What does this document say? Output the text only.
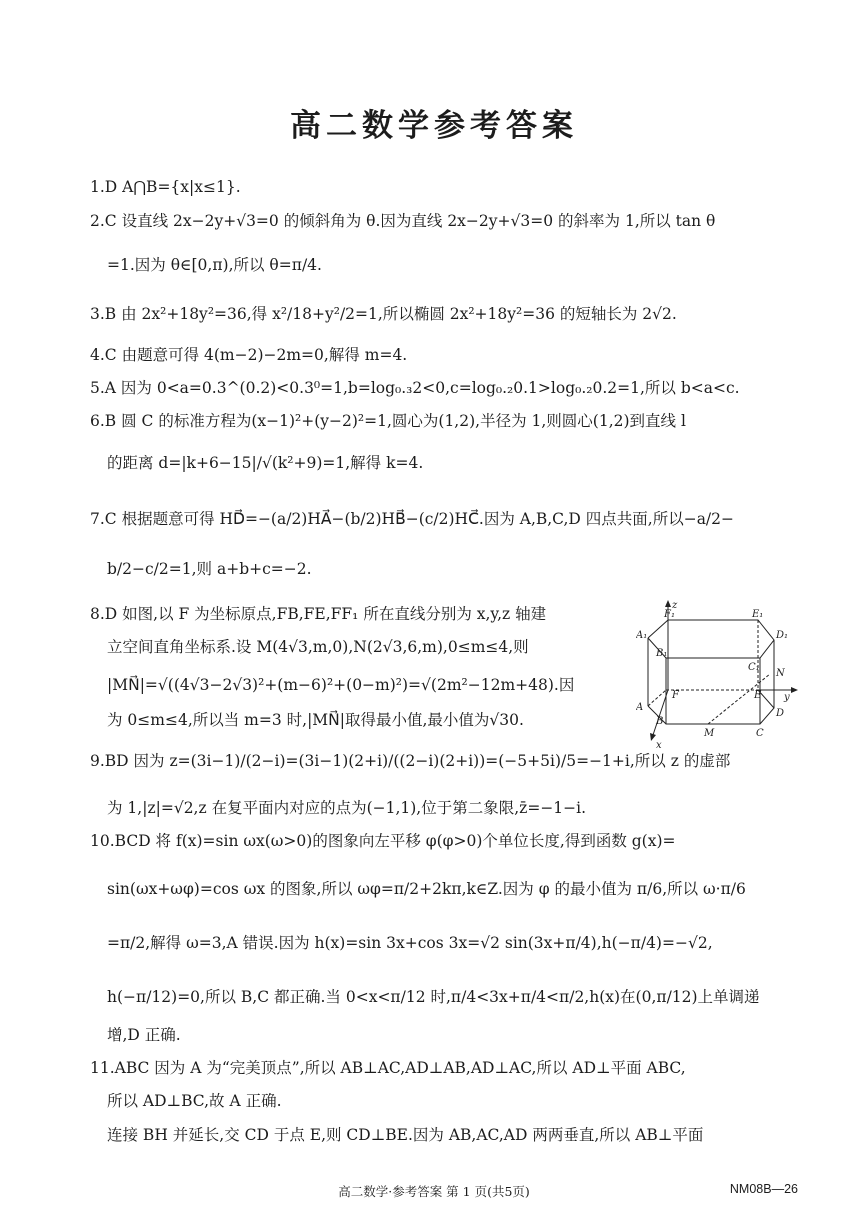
高二数学参考答案
1.D A⋂B={x|x≤1}.
2.C 设直线 2x−2y+√3=0 的倾斜角为 θ.因为直线 2x−2y+√3=0 的斜率为 1,所以 tan θ
=1.因为 θ∈[0,π),所以 θ=π/4.
3.B 由 2x²+18y²=36,得 x²/18+y²/2=1,所以椭圆 2x²+18y²=36 的短轴长为 2√2.
4.C 由题意可得 4(m−2)−2m=0,解得 m=4.
5.A 因为 0<a=0.3^(0.2)<0.3⁰=1,b=log₀.₃2<0,c=log₀.₂0.1>log₀.₂0.2=1,所以 b<a<c.
6.B 圆 C 的标准方程为(x−1)²+(y−2)²=1,圆心为(1,2),半径为 1,则圆心(1,2)到直线 l
的距离 d=|k+6−15|/√(k²+9)=1,解得 k=4.
7.C 根据题意可得 HD⃗=−(a/2)HA⃗−(b/2)HB⃗−(c/2)HC⃗.因为 A,B,C,D 四点共面,所以−a/2−
b/2−c/2=1,则 a+b+c=−2.
8.D 如图,以 F 为坐标原点,FB,FE,FF₁ 所在直线分别为 x,y,z 轴建
立空间直角坐标系.设 M(4√3,m,0),N(2√3,6,m),0≤m≤4,则
|MN⃗|=√((4√3−2√3)²+(m−6)²+(0−m)²)=√(2m²−12m+48).因
为 0≤m≤4,所以当 m=3 时,|MN⃗|取得最小值,最小值为√30.
9.BD 因为 z=(3i−1)/(2−i)=(3i−1)(2+i)/((2−i)(2+i))=(−5+5i)/5=−1+i,所以 z 的虚部
为 1,|z|=√2,z 在复平面内对应的点为(−1,1),位于第二象限,z̄=−1−i.
10.BCD 将 f(x)=sin ωx(ω>0)的图象向左平移 φ(φ>0)个单位长度,得到函数 g(x)=
sin(ωx+ωφ)=cos ωx 的图象,所以 ωφ=π/2+2kπ,k∈Z.因为 φ 的最小值为 π/6,所以 ω·π/6
=π/2,解得 ω=3,A 错误.因为 h(x)=sin 3x+cos 3x=√2 sin(3x+π/4),h(−π/4)=−√2,
h(−π/12)=0,所以 B,C 都正确.当 0<x<π/12 时,π/4<3x+π/4<π/2,h(x)在(0,π/12)上单调递
增,D 正确.
11.ABC 因为 A 为“完美顶点”,所以 AB⊥AC,AD⊥AB,AD⊥AC,所以 AD⊥平面 ABC,
所以 AD⊥BC,故 A 正确.
连接 BH 并延长,交 CD 于点 E,则 CD⊥BE.因为 AB,AC,AD 两两垂直,所以 AB⊥平面
z
F₁	E₁
A₁	D₁
B₁
C₁
N
F	E y
A
D
B
M	C
x
高二数学·参考答案 第 1 页(共5页)	NM08B—26
